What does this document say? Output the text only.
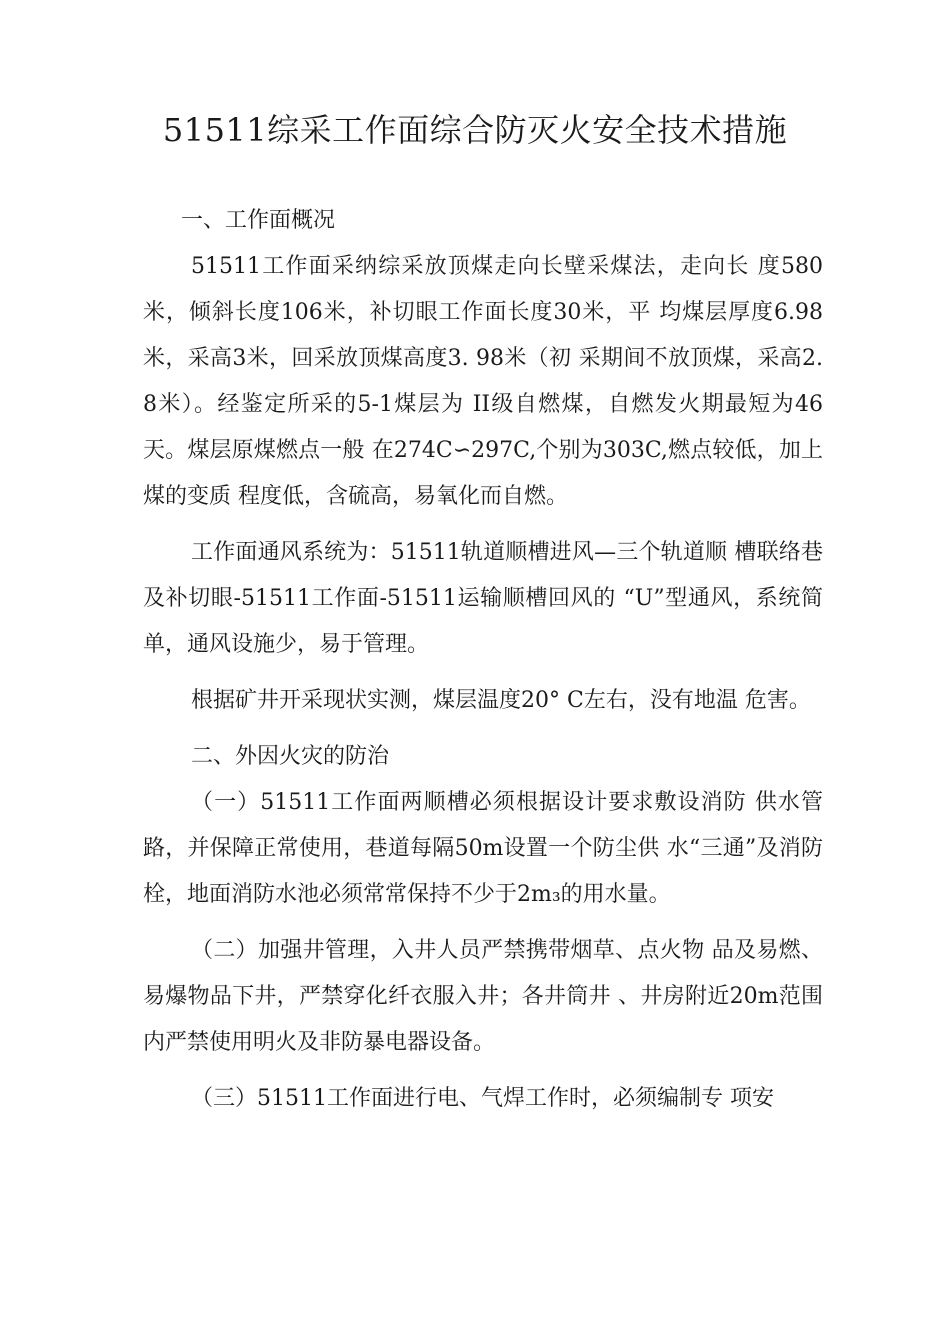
51511综采工作面综合防灭火安全技术措施
一、工作面概况

51511工作面采纳综采放顶煤走向长壁采煤法，走向长 度580米，倾斜长度106米，补切眼工作面长度30米，平 均煤层厚度6.98米，采高3米，回采放顶煤高度3. 98米（初 采期间不放顶煤，采高2.8米）。经鉴定所采的5-1煤层为 II级自燃煤，自燃发火期最短为46天。煤层原煤燃点一般 在274C∽297C,个别为303C,燃点较低，加上煤的变质 程度低，含硫高，易氧化而自燃。

工作面通风系统为：51511轨道顺槽进风—三个轨道顺 槽联络巷及补切眼-51511工作面-51511运输顺槽回风的 “U”型通风，系统简单，通风设施少，易于管理。

根据矿井开采现状实测，煤层温度20° C左右，没有地温 危害。

二、外因火灾的防治

（一）51511工作面两顺槽必须根据设计要求敷设消防 供水管路，并保障正常使用，巷道每隔50m设置一个防尘供 水“三通”及消防栓，地面消防水池必须常常保持不少于2m₃的用水量。

（二）加强井管理，入井人员严禁携带烟草、点火物 品及易燃、易爆物品下井，严禁穿化纤衣服入井；各井筒井 、井房附近20m范围内严禁使用明火及非防暴电器设备。

（三）51511工作面进行电、气焊工作时，必须编制专 项安
